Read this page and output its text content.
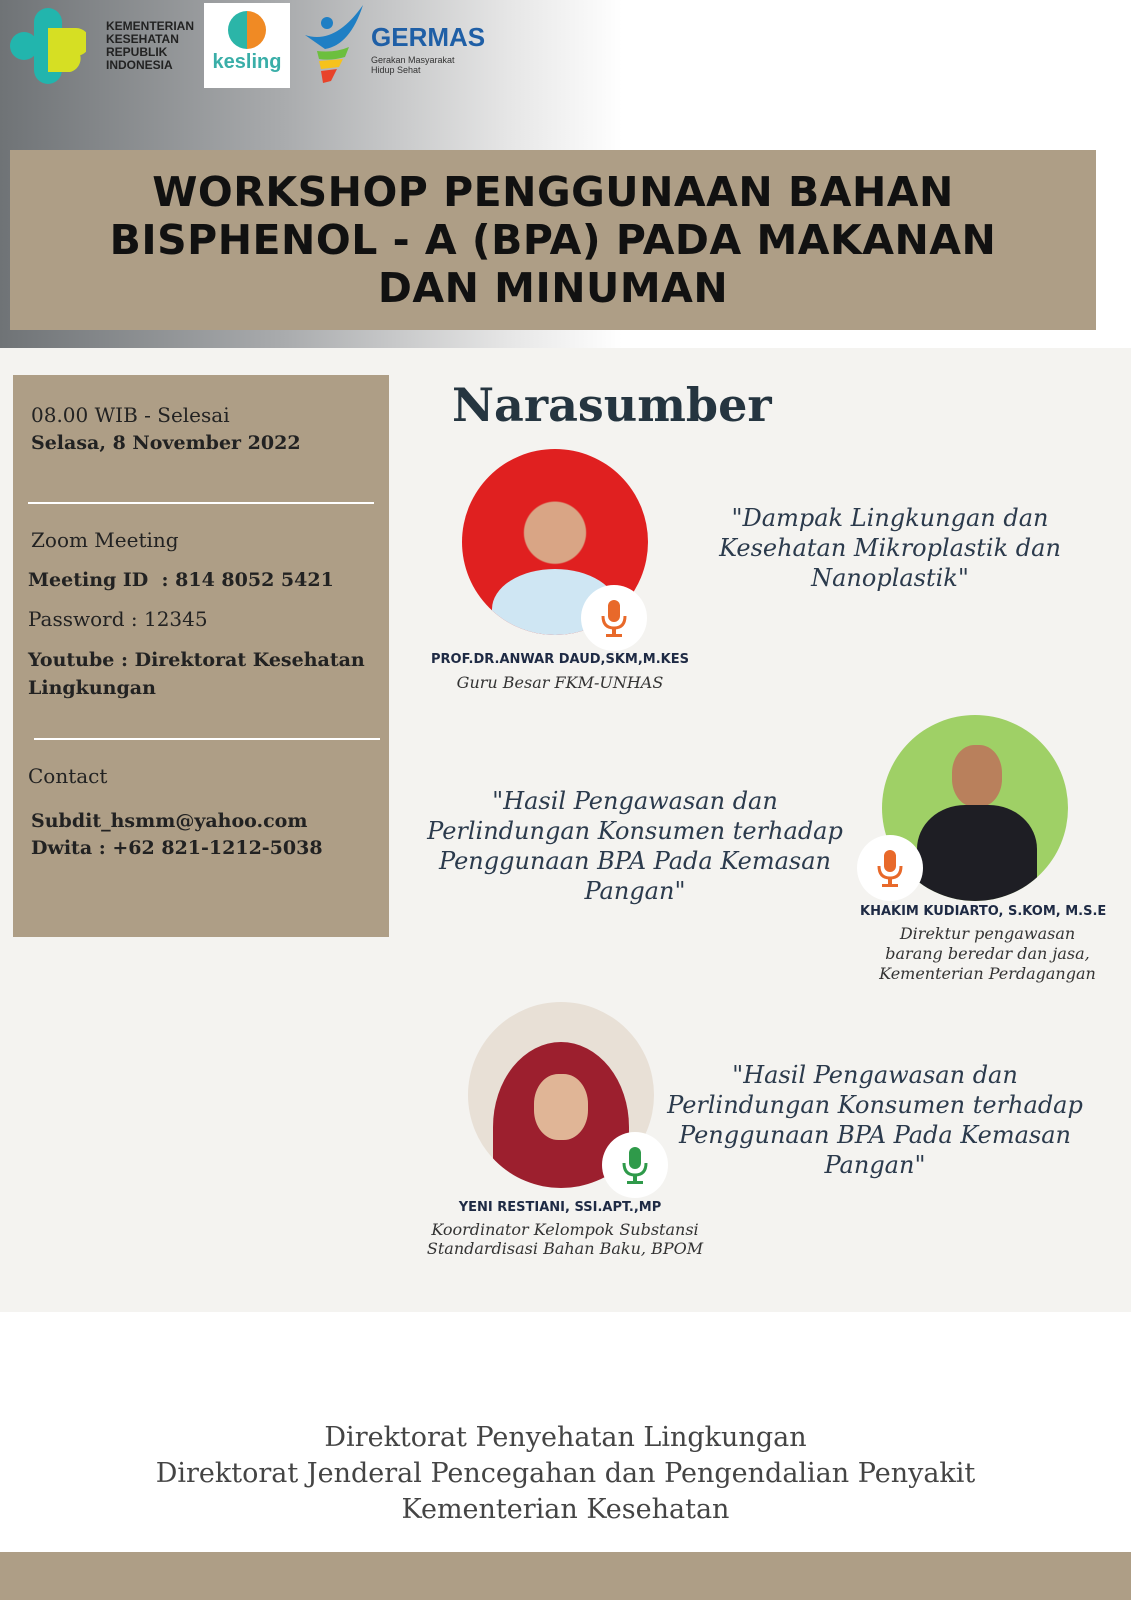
KEMENTERIAN KESEHATAN REPUBLIK INDONESIA	kesling
GERMAS
Gerakan Masyarakat Hidup Sehat
WORKSHOP PENGGUNAAN BAHAN BISPHENOL - A (BPA) PADA MAKANAN DAN MINUMAN
08.00 WIB - Selesai
Selasa, 8 November 2022
Zoom Meeting
Meeting ID  : 814 8052 5421
Password : 12345
Youtube : Direktorat Kesehatan Lingkungan
Contact
Subdit_hsmm@yahoo.com
Dwita : +62 821-1212-5038
Narasumber
PROF.DR.ANWAR DAUD,SKM,M.KES
Guru Besar FKM-UNHAS
"Dampak Lingkungan dan Kesehatan Mikroplastik dan Nanoplastik"
KHAKIM KUDIARTO, S.KOM, M.S.E
Direktur pengawasan barang beredar dan jasa, Kementerian Perdagangan
"Hasil Pengawasan dan Perlindungan Konsumen terhadap Penggunaan BPA Pada Kemasan Pangan"
YENI RESTIANI, SSI.APT.,MP
Koordinator Kelompok Substansi Standardisasi Bahan Baku, BPOM
"Hasil Pengawasan dan Perlindungan Konsumen terhadap Penggunaan BPA Pada Kemasan Pangan"
Direktorat Penyehatan Lingkungan
Direktorat Jenderal Pencegahan dan Pengendalian Penyakit
Kementerian Kesehatan
